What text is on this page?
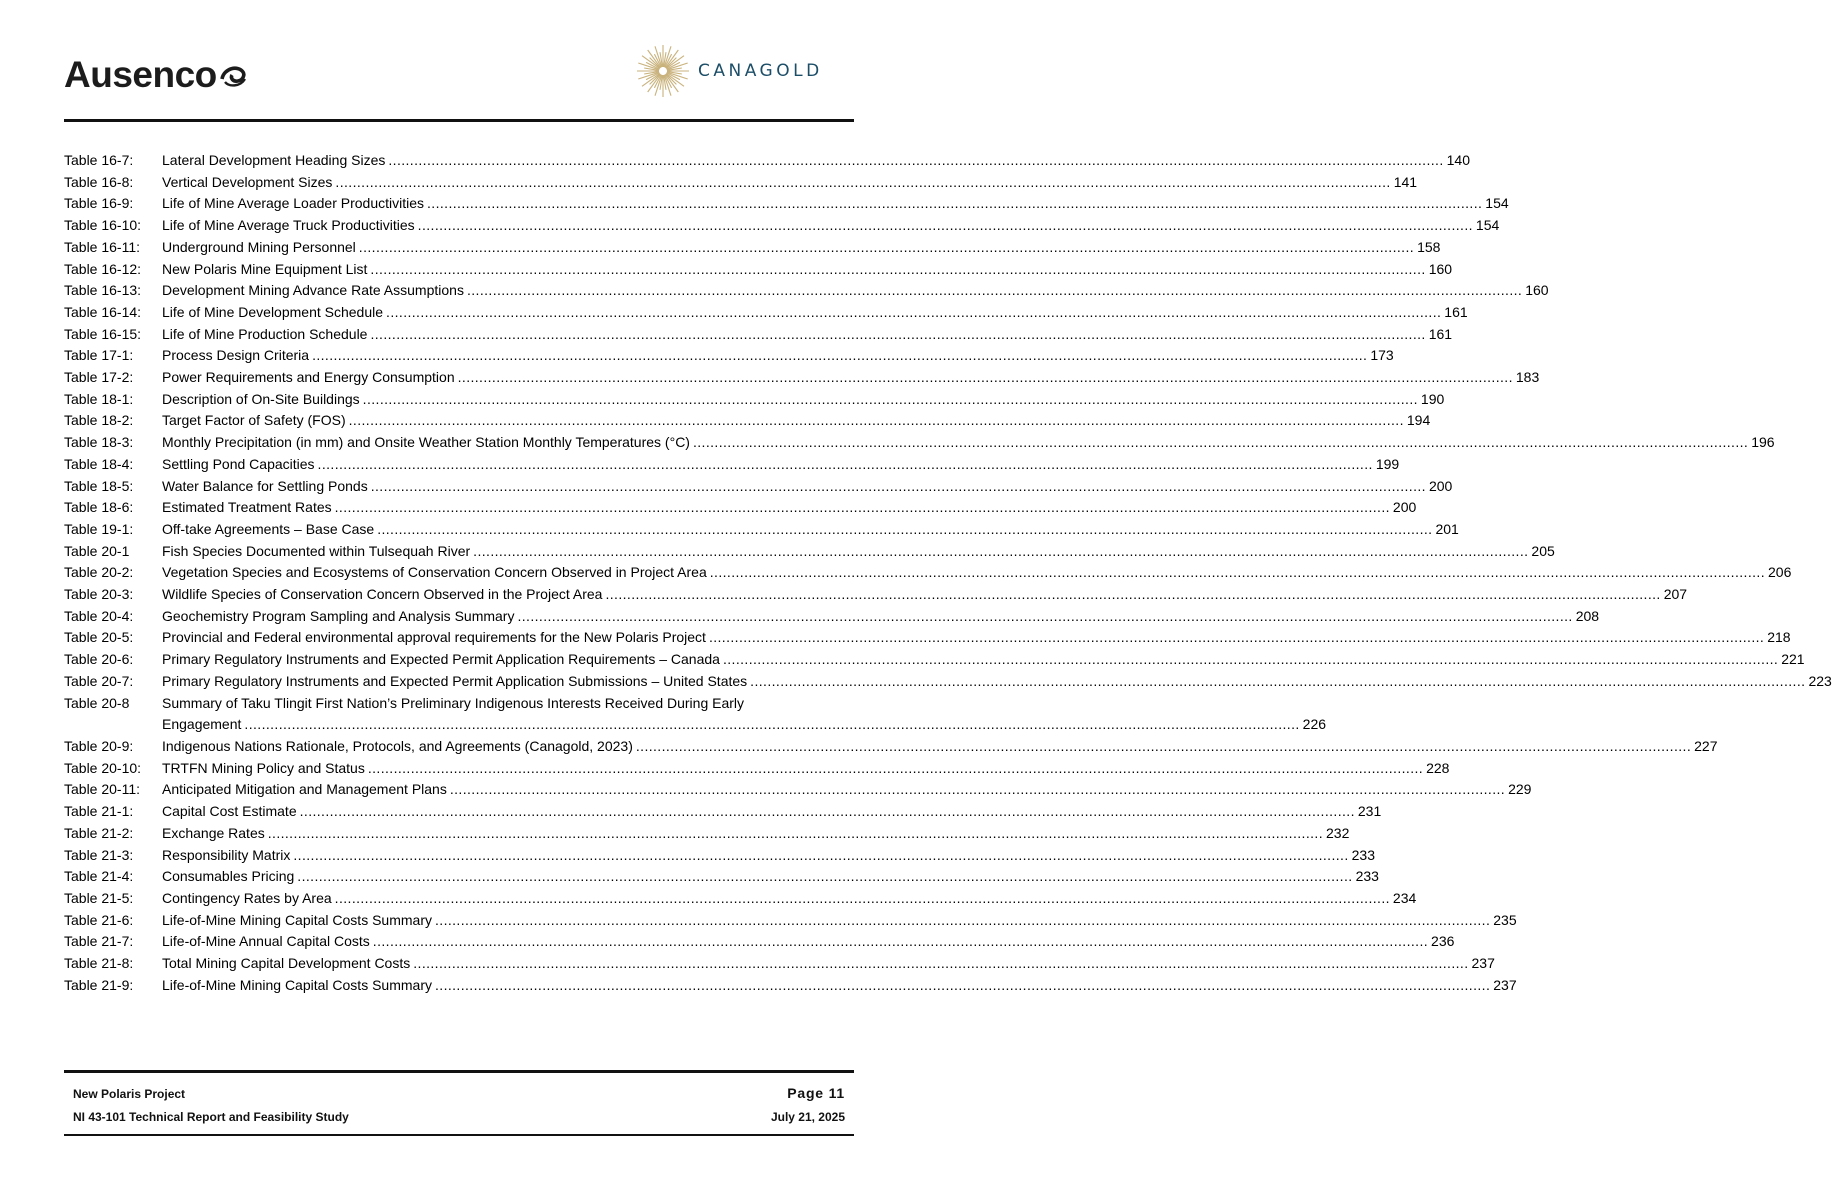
Ausenco	CANAGOLD
Table 16-7:	Lateral Development Heading Sizes .....	140
Table 16-8:	Vertical Development Sizes .....	141
Table 16-9:	Life of Mine Average Loader Productivities .....	154
Table 16-10:	Life of Mine Average Truck Productivities .....	154
Table 16-11:	Underground Mining Personnel .....	158
Table 16-12:	New Polaris Mine Equipment List .....	160
Table 16-13:	Development Mining Advance Rate Assumptions .....	160
Table 16-14:	Life of Mine Development Schedule .....	161
Table 16-15:	Life of Mine Production Schedule .....	161
Table 17-1:	Process Design Criteria .....	173
Table 17-2:	Power Requirements and Energy Consumption .....	183
Table 18-1:	Description of On-Site Buildings .....	190
Table 18-2:	Target Factor of Safety (FOS) .....	194
Table 18-3:	Monthly Precipitation (in mm) and Onsite Weather Station Monthly Temperatures (°C) .....	196
Table 18-4:	Settling Pond Capacities .....	199
Table 18-5:	Water Balance for Settling Ponds .....	200
Table 18-6:	Estimated Treatment Rates .....	200
Table 19-1:	Off-take Agreements – Base Case .....	201
Table 20-1	Fish Species Documented within Tulsequah River .....	205
Table 20-2:	Vegetation Species and Ecosystems of Conservation Concern Observed in Project Area .....	206
Table 20-3:	Wildlife Species of Conservation Concern Observed in the Project Area .....	207
Table 20-4:	Geochemistry Program Sampling and Analysis Summary .....	208
Table 20-5:	Provincial and Federal environmental approval requirements for the New Polaris Project .....	218
Table 20-6:	Primary Regulatory Instruments and Expected Permit Application Requirements – Canada .....	221
Table 20-7:	Primary Regulatory Instruments and Expected Permit Application Submissions – United States .....	223
Table 20-8	Summary of Taku Tlingit First Nation’s Preliminary Indigenous Interests Received During Early
Engagement .....	226
Table 20-9:	Indigenous Nations Rationale, Protocols, and Agreements (Canagold, 2023) .....	227
Table 20-10:	TRTFN Mining Policy and Status .....	228
Table 20-11:	Anticipated Mitigation and Management Plans .....	229
Table 21-1:	Capital Cost Estimate .....	231
Table 21-2:	Exchange Rates .....	232
Table 21-3:	Responsibility Matrix .....	233
Table 21-4:	Consumables Pricing .....	233
Table 21-5:	Contingency Rates by Area .....	234
Table 21-6:	Life-of-Mine Mining Capital Costs Summary .....	235
Table 21-7:	Life-of-Mine Annual Capital Costs .....	236
Table 21-8:	Total Mining Capital Development Costs .....	237
Table 21-9:	Life-of-Mine Mining Capital Costs Summary .....	237
New Polaris Project
NI 43-101 Technical Report and Feasibility Study
Page 11
July 21, 2025
